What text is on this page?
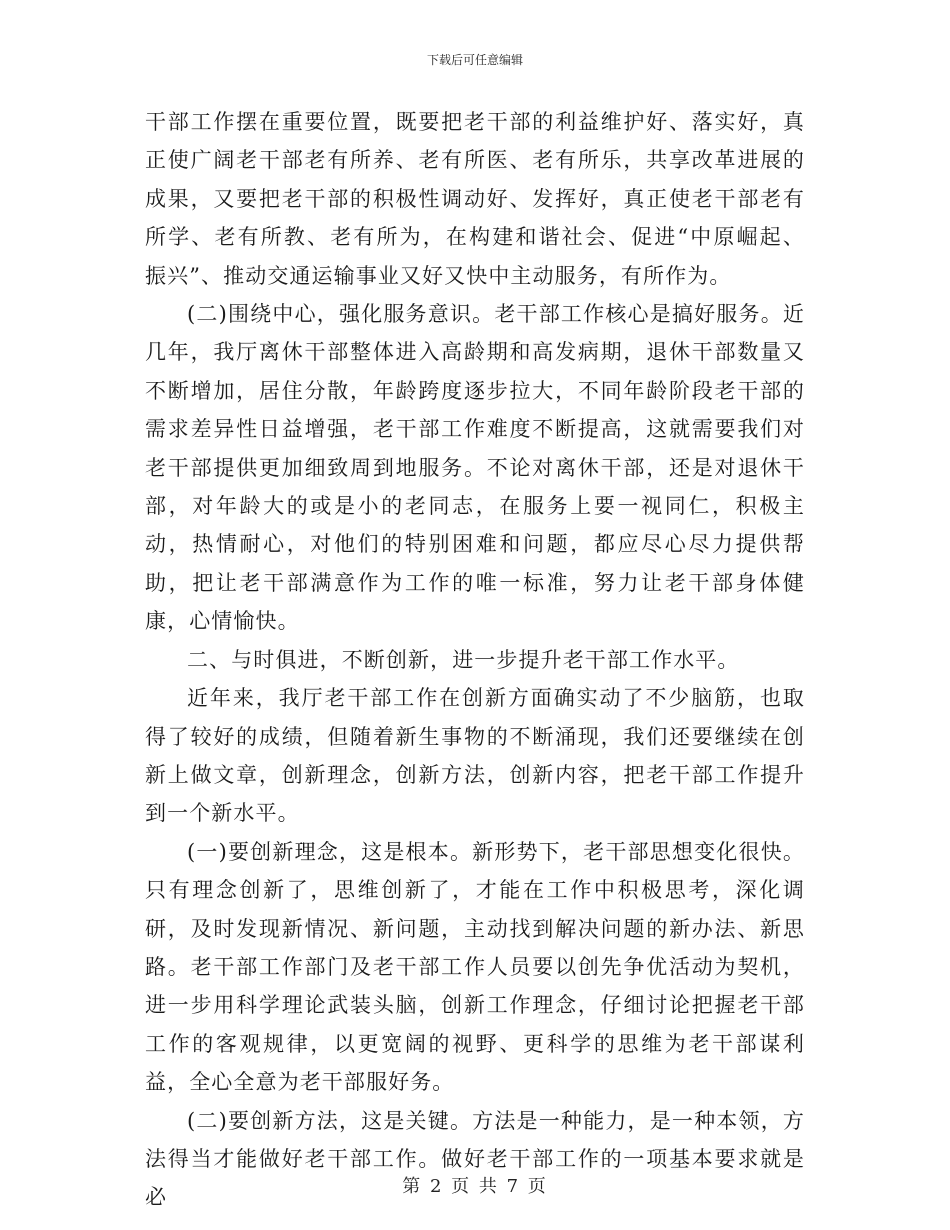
下载后可任意编辑

干部工作摆在重要位置，既要把老干部的利益维护好、落实好，真正使广阔老干部老有所养、老有所医、老有所乐，共享改革进展的成果，又要把老干部的积极性调动好、发挥好，真正使老干部老有所学、老有所教、老有所为，在构建和谐社会、促进“中原崛起、 振兴”、推动交通运输事业又好又快中主动服务，有所作为。

(二)围绕中心，强化服务意识。老干部工作核心是搞好服务。近几年，我厅离休干部整体进入高龄期和高发病期，退休干部数量又不断增加，居住分散，年龄跨度逐步拉大，不同年龄阶段老干部的需求差异性日益增强，老干部工作难度不断提高，这就需要我们对老干部提供更加细致周到地服务。不论对离休干部，还是对退休干部，对年龄大的或是小的老同志，在服务上要一视同仁，积极主动，热情耐心，对他们的特别困难和问题，都应尽心尽力提供帮助，把让老干部满意作为工作的唯一标准，努力让老干部身体健康，心情愉快。

二、与时俱进，不断创新，进一步提升老干部工作水平。

近年来，我厅老干部工作在创新方面确实动了不少脑筋，也取得了较好的成绩，但随着新生事物的不断涌现，我们还要继续在创新上做文章，创新理念，创新方法，创新内容，把老干部工作提升到一个新水平。

(一)要创新理念，这是根本。新形势下，老干部思想变化很快。只有理念创新了，思维创新了，才能在工作中积极思考，深化调研，及时发现新情况、新问题，主动找到解决问题的新办法、新思路。老干部工作部门及老干部工作人员要以创先争优活动为契机，进一步用科学理论武装头脑，创新工作理念，仔细讨论把握老干部工作的客观规律，以更宽阔的视野、更科学的思维为老干部谋利益，全心全意为老干部服好务。

(二)要创新方法，这是关键。方法是一种能力，是一种本领，方法得当才能做好老干部工作。做好老干部工作的一项基本要求就是必	第 2 页 共 7 页
